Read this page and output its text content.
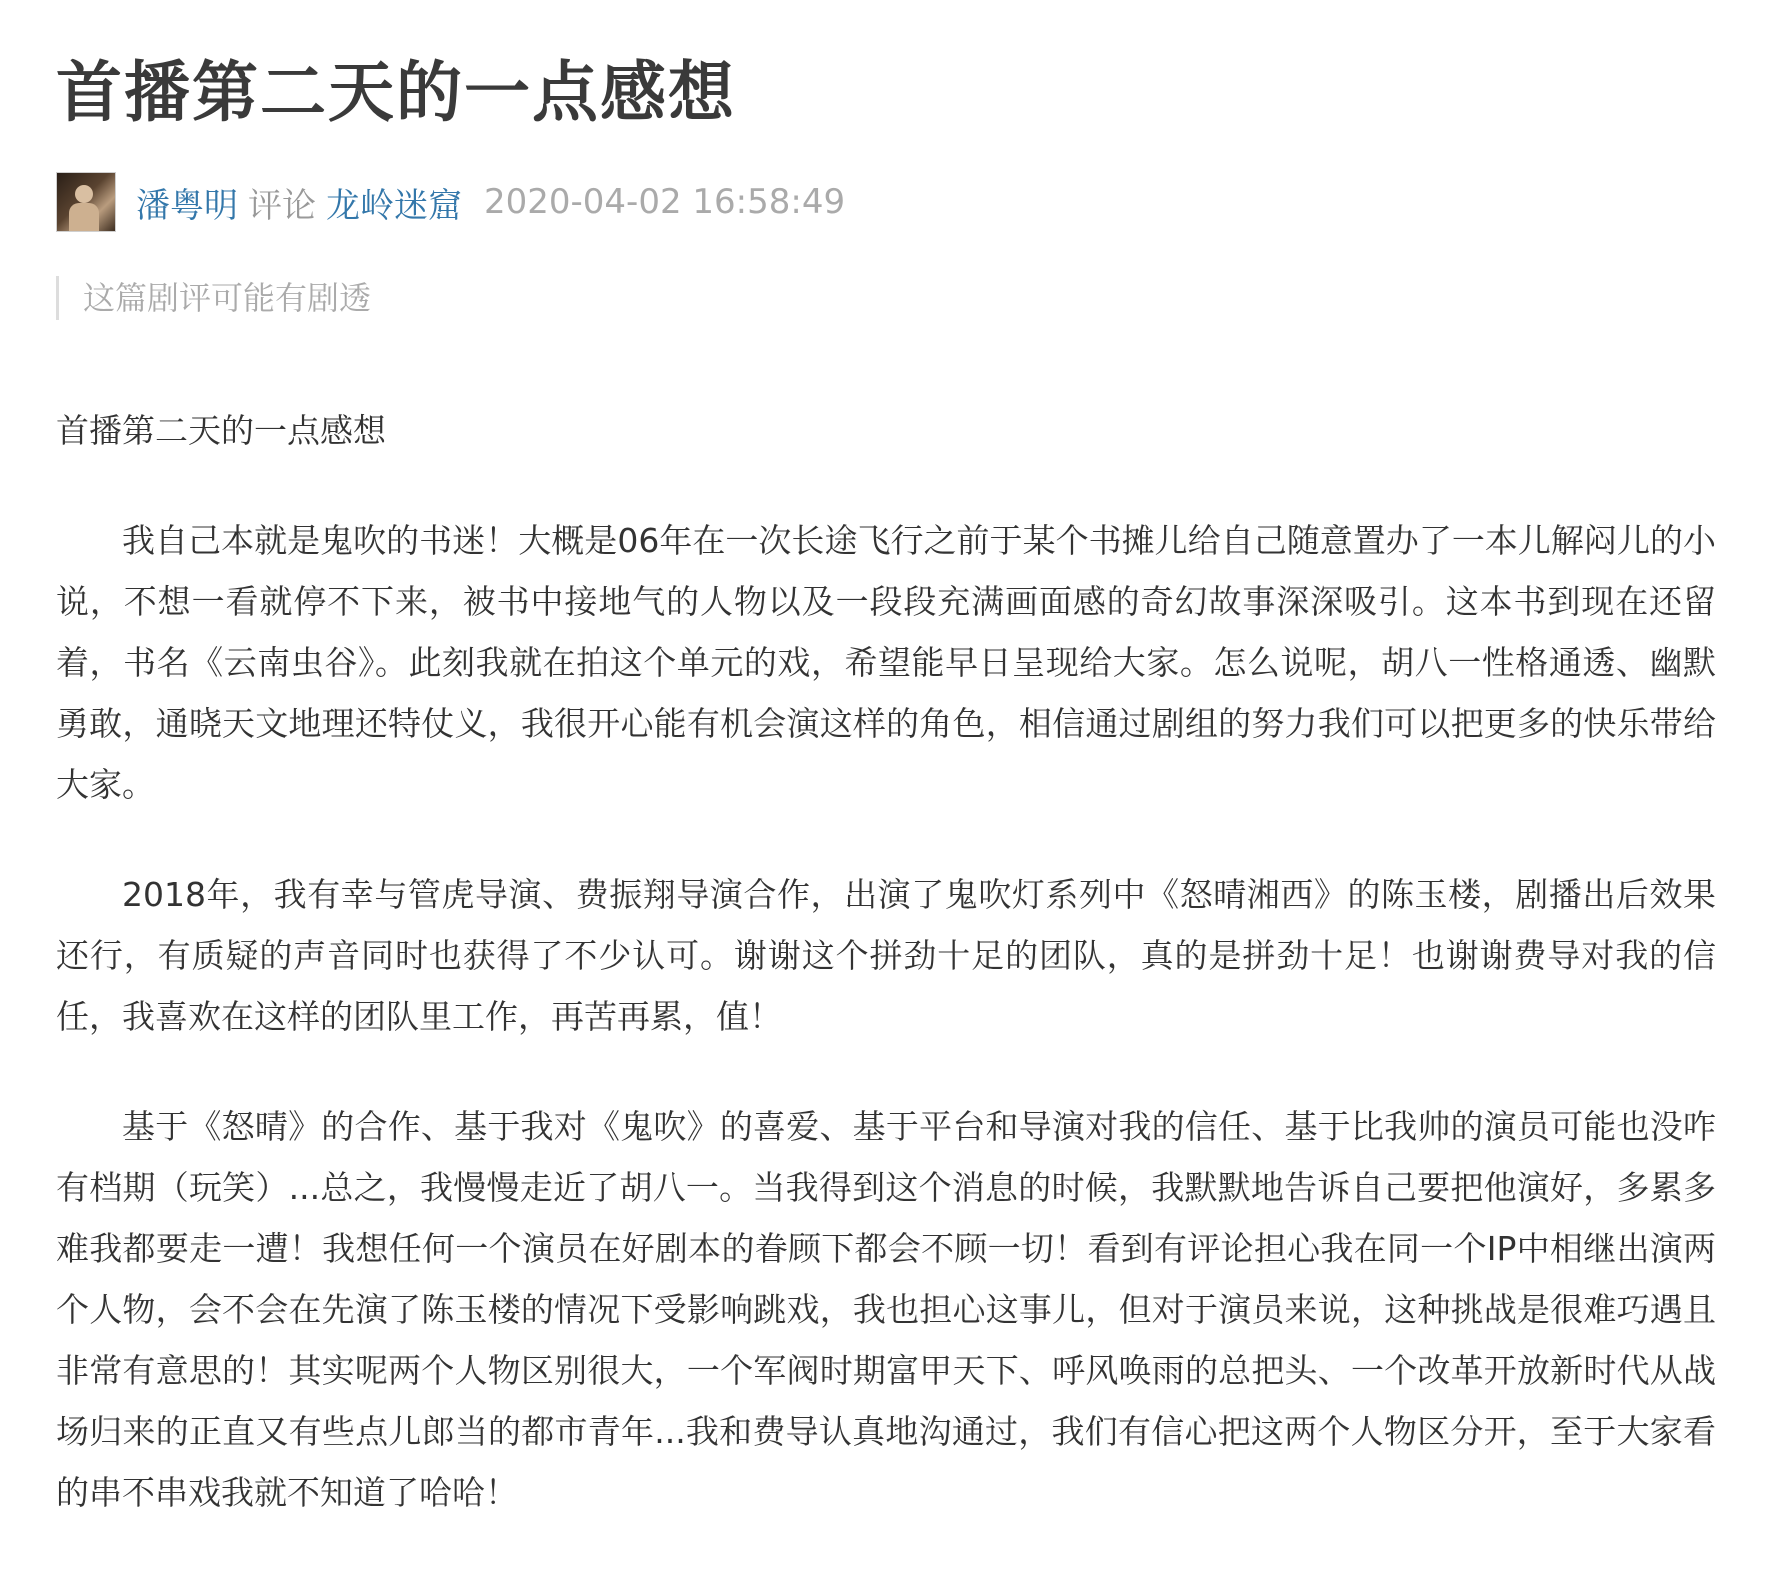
首播第二天的一点感想
潘粤明 评论 龙岭迷窟 2020-04-02 16:58:49
这篇剧评可能有剧透

首播第二天的一点感想

我自己本就是鬼吹的书迷！大概是06年在一次长途飞行之前于某个书摊儿给自己随意置办了一本儿解闷儿的小说，不想一看就停不下来，被书中接地气的人物以及一段段充满画面感的奇幻故事深深吸引。这本书到现在还留着，书名《云南虫谷》。此刻我就在拍这个单元的戏，希望能早日呈现给大家。怎么说呢，胡八一性格通透、幽默勇敢，通晓天文地理还特仗义，我很开心能有机会演这样的角色，相信通过剧组的努力我们可以把更多的快乐带给大家。

2018年，我有幸与管虎导演、费振翔导演合作，出演了鬼吹灯系列中《怒晴湘西》的陈玉楼，剧播出后效果还行，有质疑的声音同时也获得了不少认可。谢谢这个拼劲十足的团队，真的是拼劲十足！也谢谢费导对我的信任，我喜欢在这样的团队里工作，再苦再累，值！

基于《怒晴》的合作、基于我对《鬼吹》的喜爱、基于平台和导演对我的信任、基于比我帅的演员可能也没咋有档期（玩笑）...总之，我慢慢走近了胡八一。当我得到这个消息的时候，我默默地告诉自己要把他演好，多累多难我都要走一遭！我想任何一个演员在好剧本的眷顾下都会不顾一切！看到有评论担心我在同一个IP中相继出演两个人物，会不会在先演了陈玉楼的情况下受影响跳戏，我也担心这事儿，但对于演员来说，这种挑战是很难巧遇且非常有意思的！其实呢两个人物区别很大，一个军阀时期富甲天下、呼风唤雨的总把头、一个改革开放新时代从战场归来的正直又有些点儿郎当的都市青年...我和费导认真地沟通过，我们有信心把这两个人物区分开，至于大家看的串不串戏我就不知道了哈哈！
